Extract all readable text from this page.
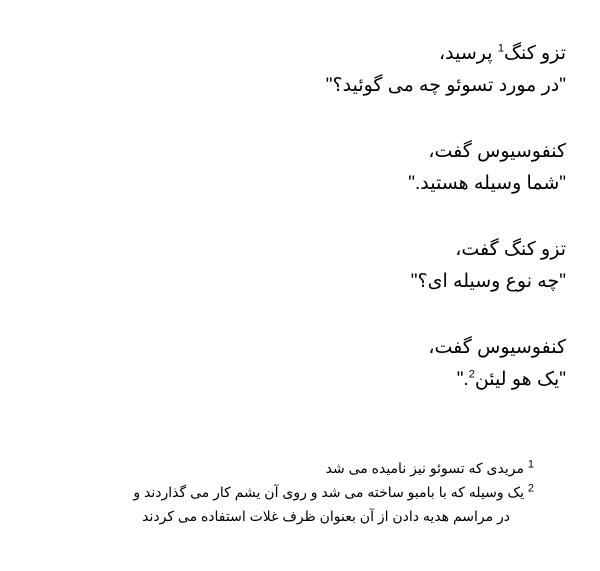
تزو کنگ$^1$ پرسید،
"در مورد تسوئو چه می گوئید؟"
کنفوسیوس گفت،
"شما وسیله هستید."
تزو کنگ گفت،
"چه نوع وسیله ای؟"
کنفوسیوس گفت،
"یک هو لیئن$^2$."

$^1$ مریدی که تسوئو نیز نامیده می شد

$^2$ یک وسیله که با بامبو ساخته می شد و روی آن یشم کار می گذاردند و

در مراسم هدیه دادن از آن بعنوان ظرف غلات استفاده می کردند
